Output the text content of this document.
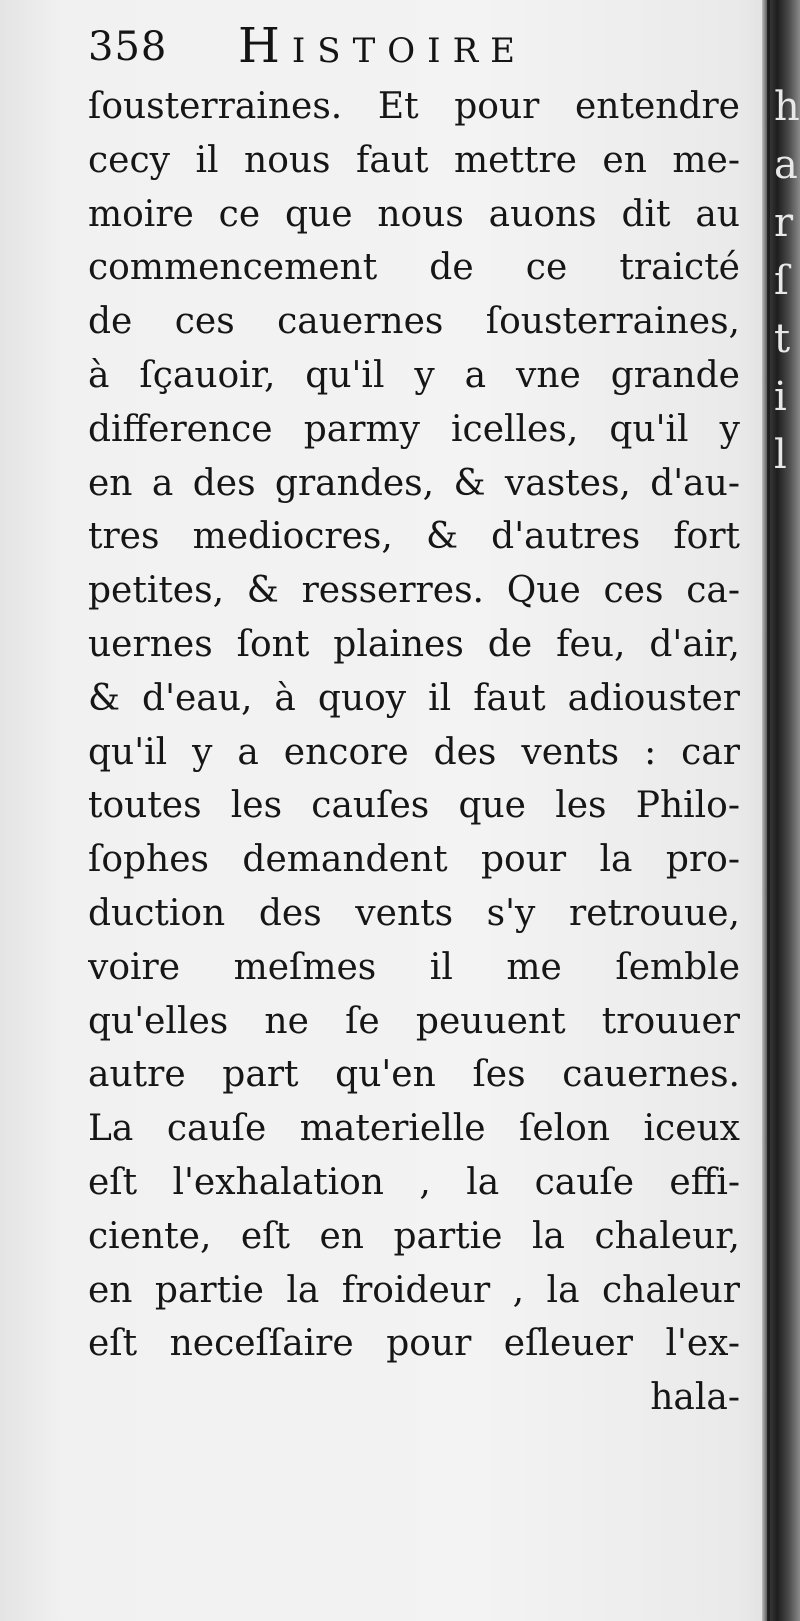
h
a
r
ſ
t
i
l
358 Histoire
ſousterraines. Et pour entendre
cecy il nous faut mettre en me-
moire ce que nous auons dit au
commencement de ce traicté
de ces cauernes ſousterraines,
à ſçauoir, qu'il y a vne grande
difference parmy icelles, qu'il y
en a des grandes, & vastes, d'au-
tres mediocres, & d'autres fort
petites, & resserres. Que ces ca-
uernes ſont plaines de feu, d'air,
& d'eau, à quoy il faut adiouster
qu'il y a encore des vents : car
toutes les cauſes que les Philo-
ſophes demandent pour la pro-
duction des vents s'y retrouue,
voire meſmes il me ſemble
qu'elles ne ſe peuuent trouuer
autre part qu'en ſes cauernes.
La cauſe materielle ſelon iceux
eſt l'exhalation , la cauſe effi-
ciente, eſt en partie la chaleur,
en partie la froideur , la chaleur
eſt neceſſaire pour eſleuer l'ex-
hala-
